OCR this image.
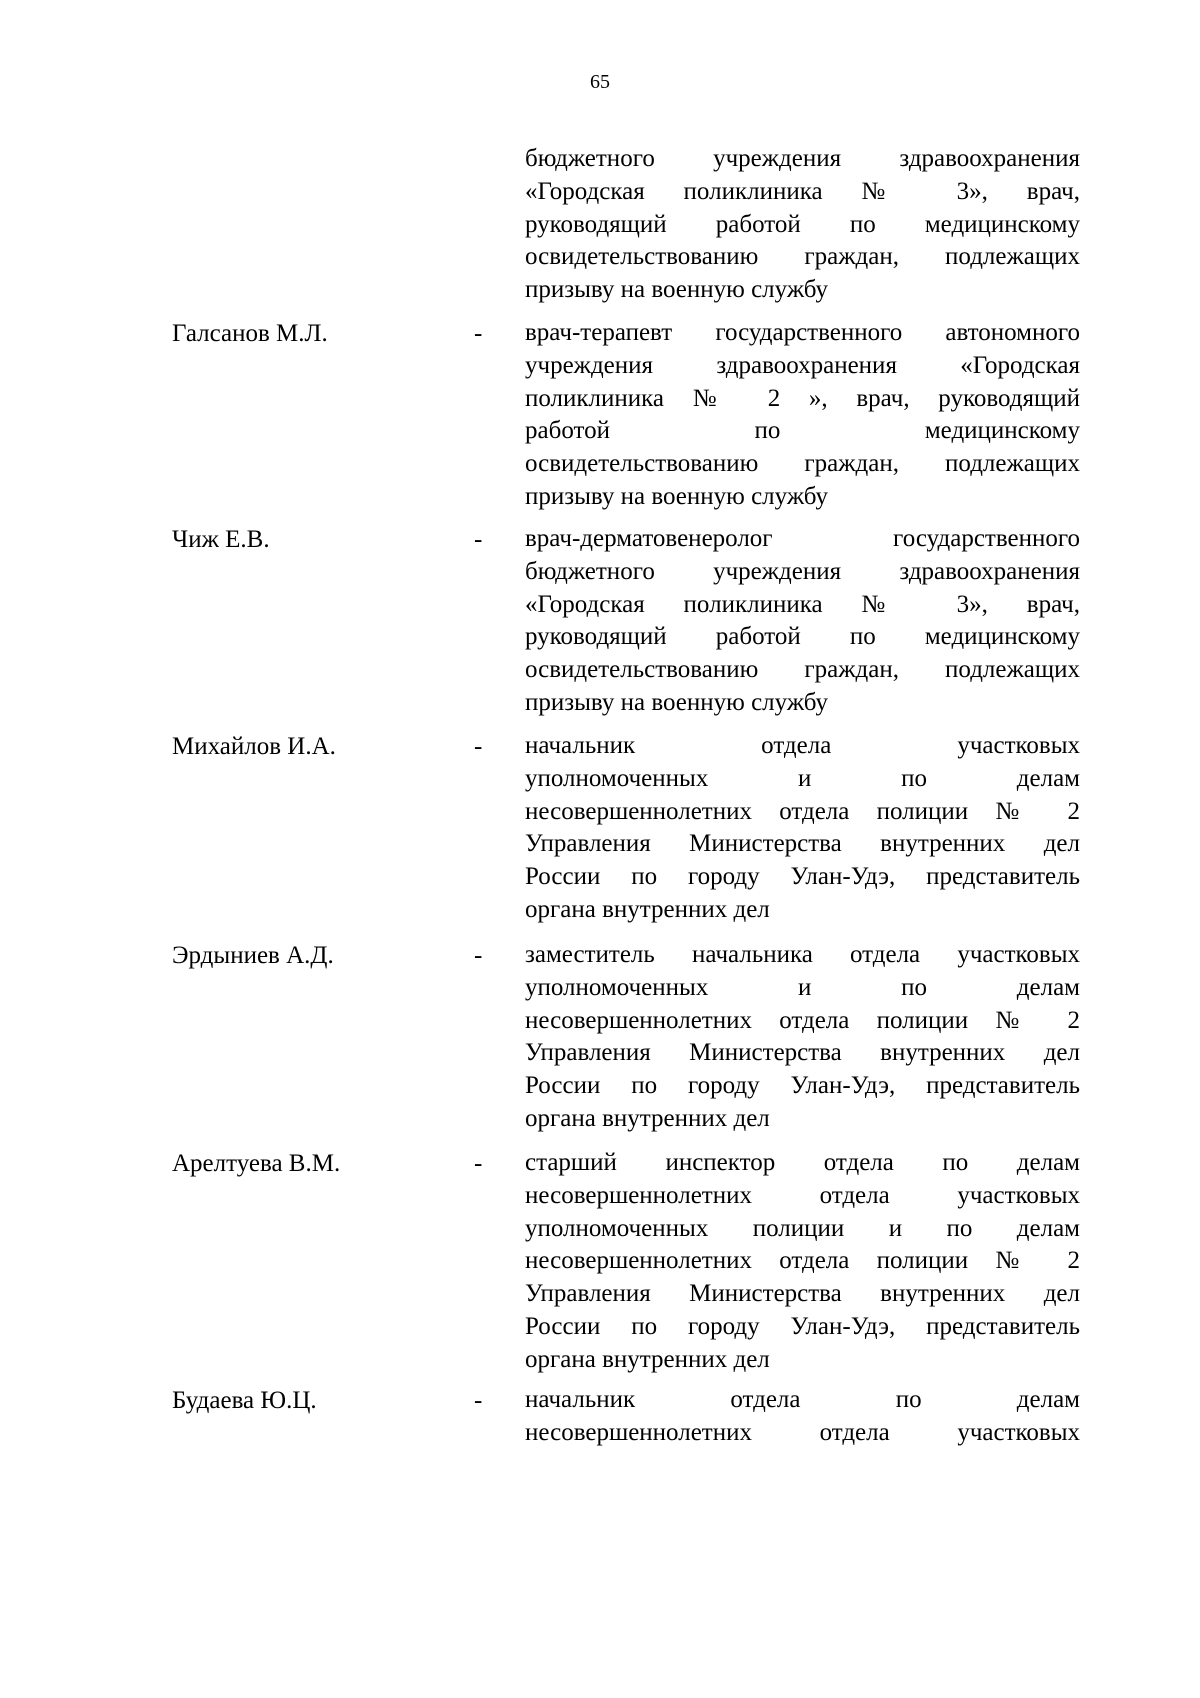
65
бюджетного учреждения здравоохранения
«Городская поликлиника № 3», врач,
руководящий работой по медицинскому
освидетельствованию граждан, подлежащих
призыву на военную службу
Галсанов М.Л.	- врач-терапевт государственного автономного
учреждения здравоохранения «Городская
поликлиника № 2 », врач, руководящий
работой по медицинскому
освидетельствованию граждан, подлежащих
призыву на военную службу
Чиж Е.В.	- врач-дерматовенеролог государственного
бюджетного учреждения здравоохранения
«Городская поликлиника № 3», врач,
руководящий работой по медицинскому
освидетельствованию граждан, подлежащих
призыву на военную службу
Михайлов И.А.	- начальник отдела участковых
уполномоченных и по делам
несовершеннолетних отдела полиции № 2
Управления Министерства внутренних дел
России по городу Улан-Удэ, представитель
органа внутренних дел
Эрдыниев А.Д.	- заместитель начальника отдела участковых
уполномоченных и по делам
несовершеннолетних отдела полиции № 2
Управления Министерства внутренних дел
России по городу Улан-Удэ, представитель
органа внутренних дел
Арелтуева В.М.	- старший инспектор отдела по делам
несовершеннолетних отдела участковых
уполномоченных полиции и по делам
несовершеннолетних отдела полиции № 2
Управления Министерства внутренних дел
России по городу Улан-Удэ, представитель
органа внутренних дел
Будаева Ю.Ц.	- начальник отдела по делам
несовершеннолетних отдела участковых
